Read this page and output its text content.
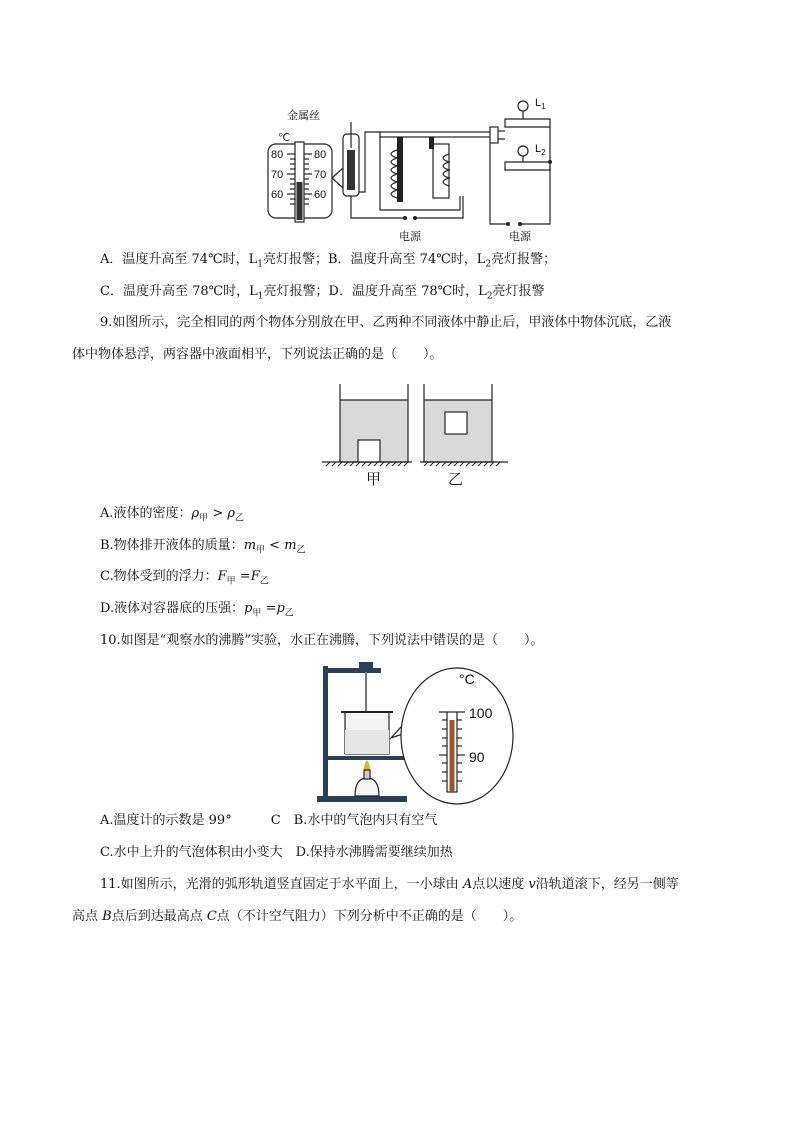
金属丝
℃
80
70
60
80
70
60
电源	电源
$L_1$
$L_2$
A．温度升高至 74℃时，$L_1$亮灯报警；B．温度升高至 74℃时，$L_2$亮灯报警；
C．温度升高至 78℃时，$L_1$亮灯报警；D．温度升高至 78℃时，$L_2$亮灯报警
9.如图所示，完全相同的两个物体分别放在甲、乙两种不同液体中静止后，甲液体中物体沉底，乙液
体中物体悬浮，两容器中液面相平，下列说法正确的是（　　）。
甲	乙
A.液体的密度：$\rho_甲 > \rho_乙$
B.物体排开液体的质量：$m_甲 < m_乙$
C.物体受到的浮力：$F_甲 =F_乙$
D.液体对容器底的压强：$p_甲 =p_乙$
10.如图是“观察水的沸腾”实验，水正在沸腾，下列说法中错误的是（　　）。
°C
100
90
A.温度计的示数是 99°　　　C　B.水中的气泡内只有空气
C.水中上升的气泡体积由小变大　D.保持水沸腾需要继续加热
11.如图所示，光滑的弧形轨道竖直固定于水平面上，一小球由 A点以速度 v沿轨道滚下，经另一侧等
高点 B点后到达最高点 C点（不计空气阻力）下列分析中不正确的是（　　）。
